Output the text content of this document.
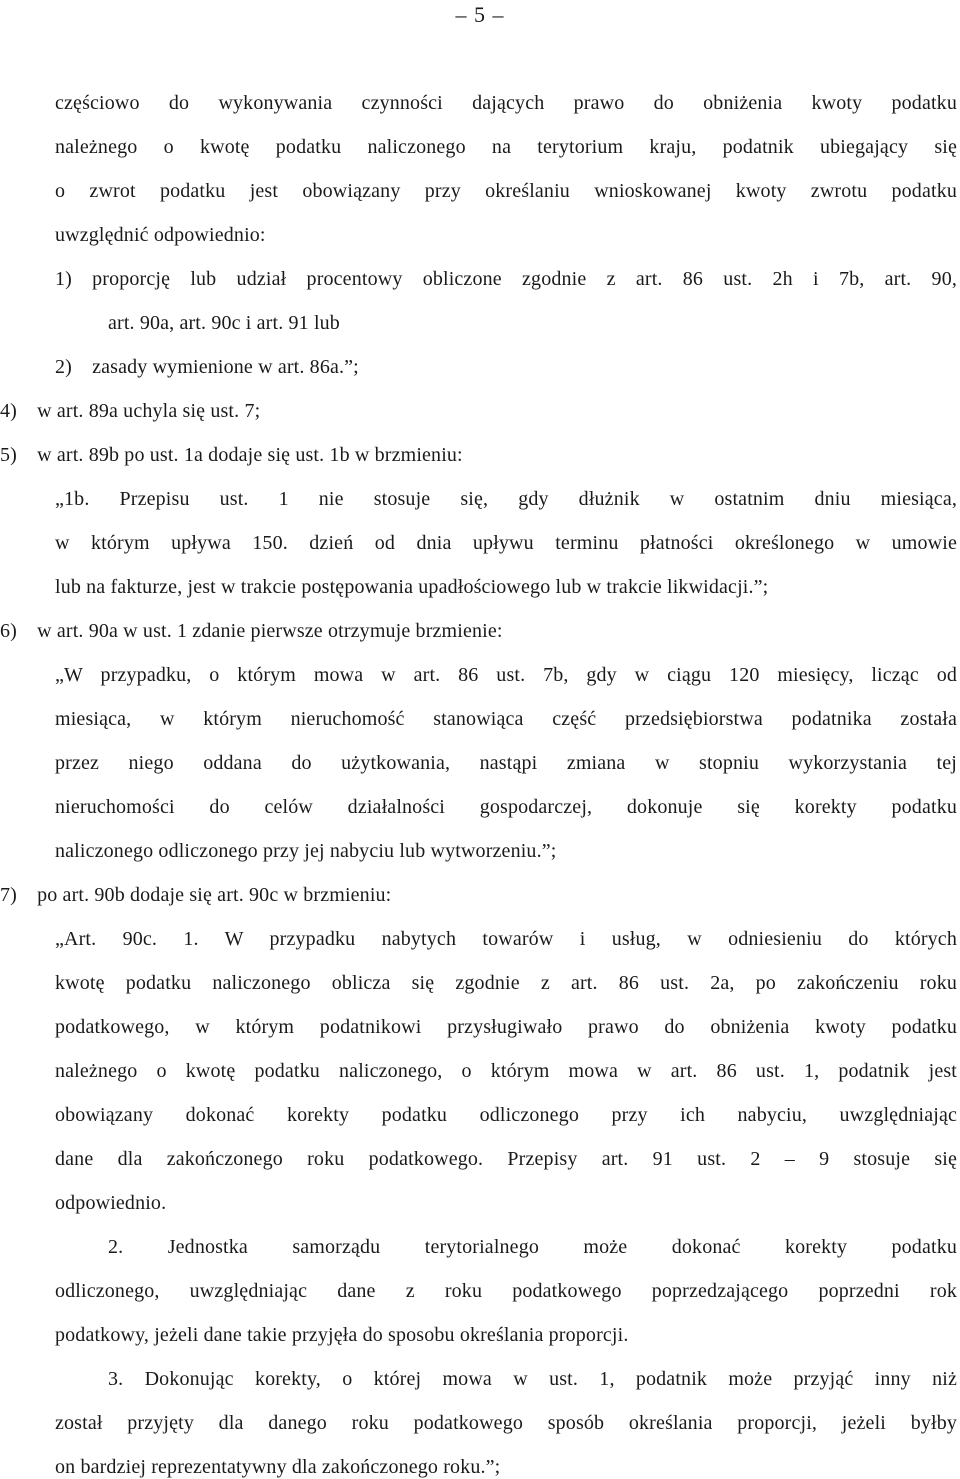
– 5 –
częściowo do wykonywania czynności dających prawo do obniżenia kwoty podatku
należnego o kwotę podatku naliczonego na terytorium kraju, podatnik ubiegający się
o zwrot podatku jest obowiązany przy określaniu wnioskowanej kwoty zwrotu podatku
uwzględnić odpowiednio:
1) proporcję lub udział procentowy obliczone zgodnie z art. 86 ust. 2h i 7b, art. 90,
art. 90a, art. 90c i art. 91 lub
2) zasady wymienione w art. 86a.”;
4) w art. 89a uchyla się ust. 7;
5) w art. 89b po ust. 1a dodaje się ust. 1b w brzmieniu:
„1b. Przepisu ust. 1 nie stosuje się, gdy dłużnik w ostatnim dniu miesiąca,
w którym upływa 150. dzień od dnia upływu terminu płatności określonego w umowie
lub na fakturze, jest w trakcie postępowania upadłościowego lub w trakcie likwidacji.”;
6) w art. 90a w ust. 1 zdanie pierwsze otrzymuje brzmienie:
„W przypadku, o którym mowa w art. 86 ust. 7b, gdy w ciągu 120 miesięcy, licząc od
miesiąca, w którym nieruchomość stanowiąca część przedsiębiorstwa podatnika została
przez niego oddana do użytkowania, nastąpi zmiana w stopniu wykorzystania tej
nieruchomości do celów działalności gospodarczej, dokonuje się korekty podatku
naliczonego odliczonego przy jej nabyciu lub wytworzeniu.”;
7) po art. 90b dodaje się art. 90c w brzmieniu:
„Art. 90c. 1. W przypadku nabytych towarów i usług, w odniesieniu do których
kwotę podatku naliczonego oblicza się zgodnie z art. 86 ust. 2a, po zakończeniu roku
podatkowego, w którym podatnikowi przysługiwało prawo do obniżenia kwoty podatku
należnego o kwotę podatku naliczonego, o którym mowa w art. 86 ust. 1, podatnik jest
obowiązany dokonać korekty podatku odliczonego przy ich nabyciu, uwzględniając
dane dla zakończonego roku podatkowego. Przepisy art. 91 ust. 2 – 9 stosuje się
odpowiednio.
2. Jednostka samorządu terytorialnego może dokonać korekty podatku
odliczonego, uwzględniając dane z roku podatkowego poprzedzającego poprzedni rok
podatkowy, jeżeli dane takie przyjęła do sposobu określania proporcji.
3. Dokonując korekty, o której mowa w ust. 1, podatnik może przyjąć inny niż
został przyjęty dla danego roku podatkowego sposób określania proporcji, jeżeli byłby
on bardziej reprezentatywny dla zakończonego roku.”;
